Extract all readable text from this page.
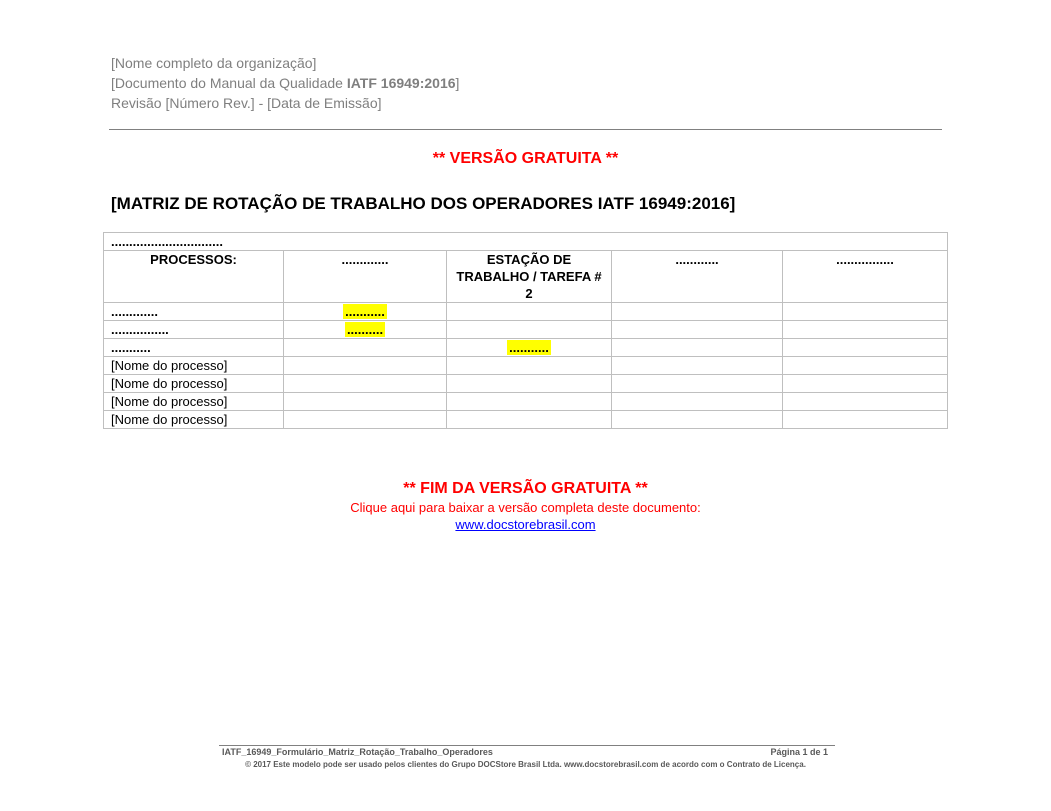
[Nome completo da organização]
[Documento do Manual da Qualidade IATF 16949:2016]
Revisão [Número Rev.] - [Data de Emissão]
** VERSÃO GRATUITA **
[MATRIZ DE ROTAÇÃO DE TRABALHO DOS OPERADORES IATF 16949:2016]
...............................				
PROCESSOS:	.............	ESTAÇÃO DE TRABALHO / TAREFA # 2	............	................
.............	...........			
................	..........			
...........		...........		
[Nome do processo]				
[Nome do processo]				
[Nome do processo]				
[Nome do processo]				
** FIM DA VERSÃO GRATUITA **
Clique aqui para baixar a versão completa deste documento:
www.docstorebrasil.com
IATF_16949_Formulário_Matriz_Rotação_Trabalho_Operadores	Página 1 de 1
© 2017 Este modelo pode ser usado pelos clientes do Grupo DOCStore Brasil Ltda. www.docstorebrasil.com de acordo com o Contrato de Licença.
